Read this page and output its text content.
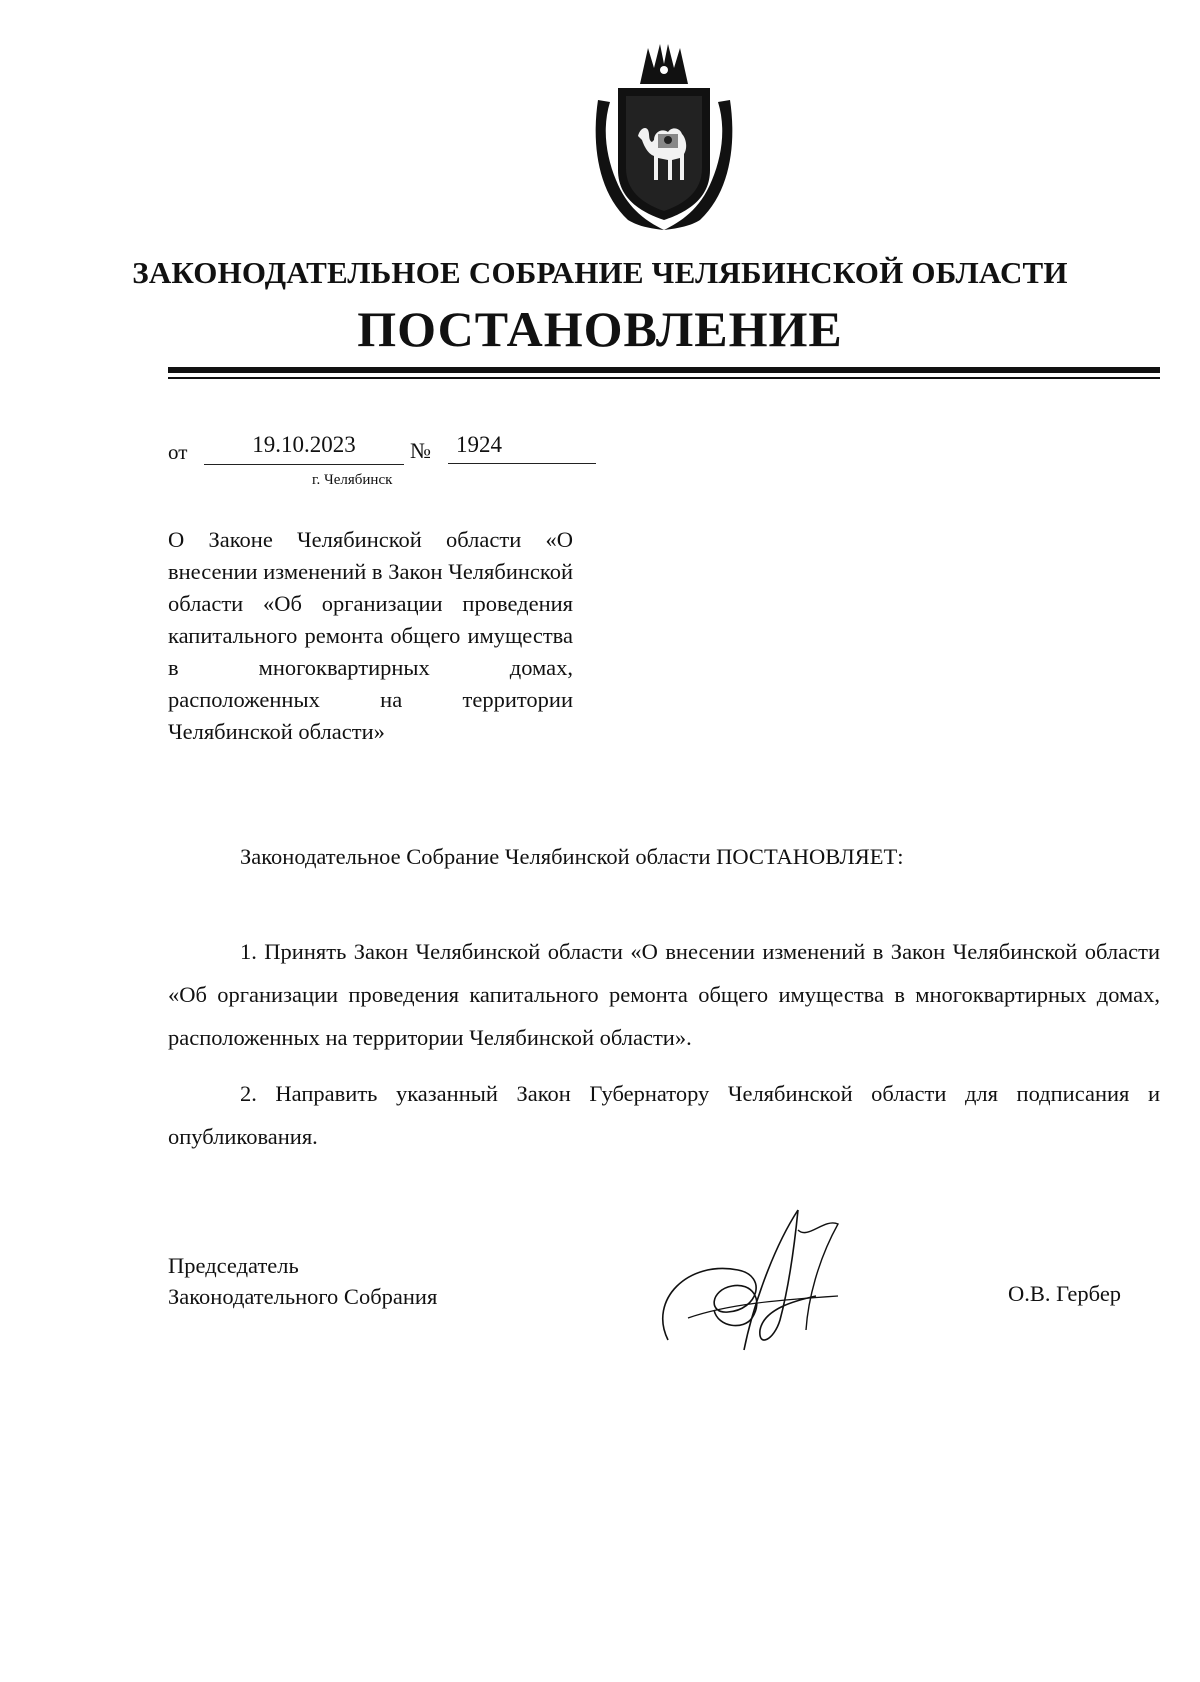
ЗАКОНОДАТЕЛЬНОЕ СОБРАНИЕ ЧЕЛЯБИНСКОЙ ОБЛАСТИ
ПОСТАНОВЛЕНИЕ
от	19.10.2023	№	1924
г. Челябинск
О Законе Челябинской области «О внесении изменений в Закон Челябинской области «Об организации проведения капитального ремонта общего имущества в многоквартирных домах, расположенных на территории Челябинской области»
Законодательное Собрание Челябинской области ПОСТАНОВЛЯЕТ:
1. Принять Закон Челябинской области «О внесении изменений в Закон Челябинской области «Об организации проведения капитального ремонта общего имущества в многоквартирных домах, расположенных на территории Челябинской области».
2. Направить указанный Закон Губернатору Челябинской области для подписания и опубликования.
Председатель
Законодательного Собрания	О.В. Гербер
